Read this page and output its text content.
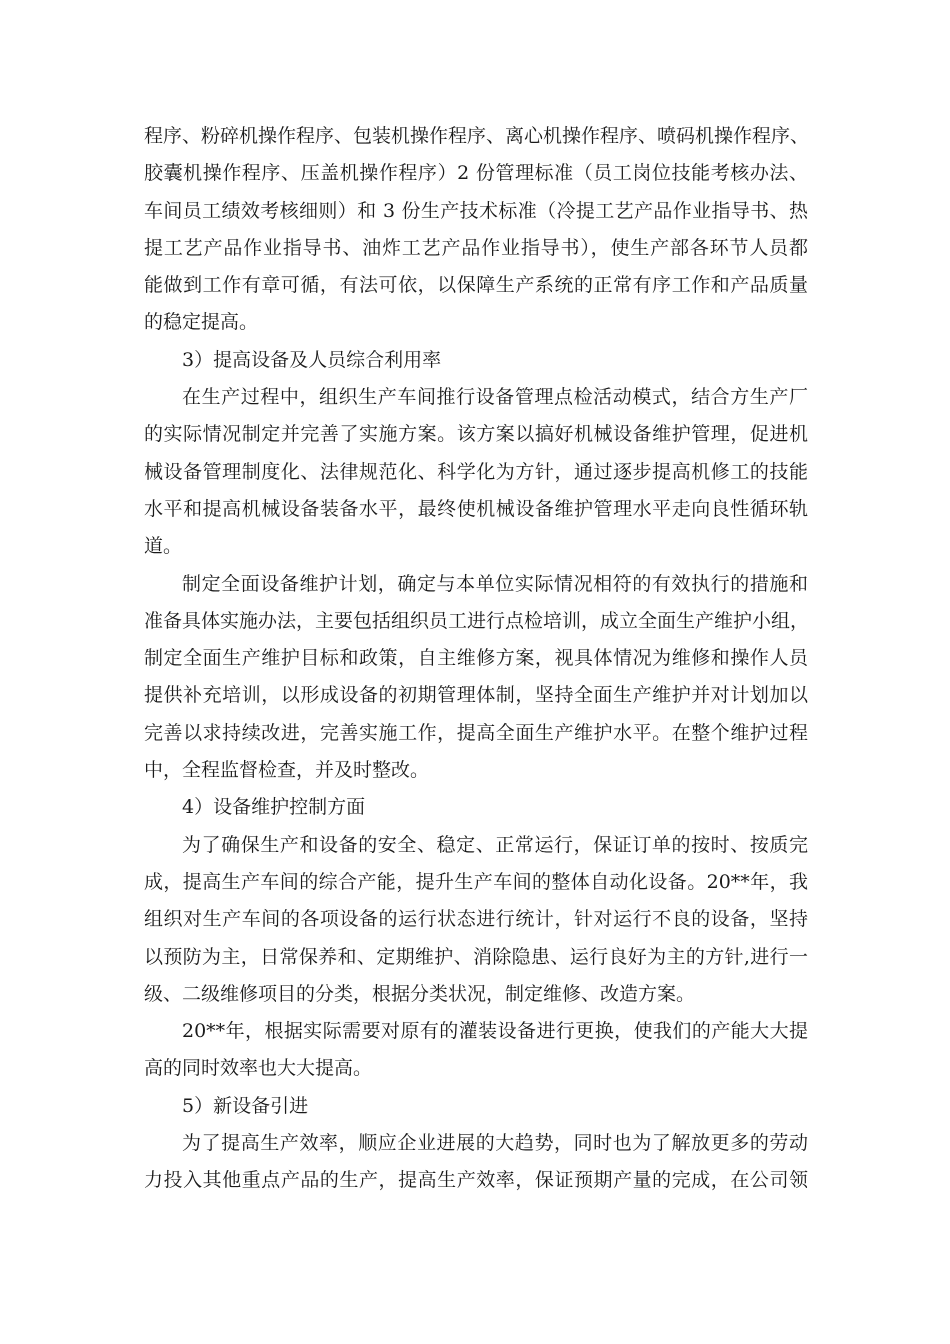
程序、粉碎机操作程序、包装机操作程序、离心机操作程序、喷码机操作程序、
胶囊机操作程序、压盖机操作程序）2 份管理标准（员工岗位技能考核办法、
车间员工绩效考核细则）和 3 份生产技术标准（冷提工艺产品作业指导书、热
提工艺产品作业指导书、油炸工艺产品作业指导书），使生产部各环节人员都
能做到工作有章可循，有法可依，以保障生产系统的正常有序工作和产品质量
的稳定提高。
3）提高设备及人员综合利用率
在生产过程中，组织生产车间推行设备管理点检活动模式，结合方生产厂
的实际情况制定并完善了实施方案。该方案以搞好机械设备维护管理，促进机
械设备管理制度化、法律规范化、科学化为方针，通过逐步提高机修工的技能
水平和提高机械设备装备水平，最终使机械设备维护管理水平走向良性循环轨
道。
制定全面设备维护计划，确定与本单位实际情况相符的有效执行的措施和
准备具体实施办法，主要包括组织员工进行点检培训，成立全面生产维护小组，
制定全面生产维护目标和政策，自主维修方案，视具体情况为维修和操作人员
提供补充培训，以形成设备的初期管理体制，坚持全面生产维护并对计划加以
完善以求持续改进，完善实施工作，提高全面生产维护水平。在整个维护过程
中，全程监督检查，并及时整改。
4）设备维护控制方面
为了确保生产和设备的安全、稳定、正常运行，保证订单的按时、按质完
成，提高生产车间的综合产能，提升生产车间的整体自动化设备。20**年，我
组织对生产车间的各项设备的运行状态进行统计，针对运行不良的设备，坚持
以预防为主，日常保养和、定期维护、消除隐患、运行良好为主的方针,进行一
级、二级维修项目的分类，根据分类状况，制定维修、改造方案。
20**年，根据实际需要对原有的灌装设备进行更换，使我们的产能大大提
高的同时效率也大大提高。
5）新设备引进
为了提高生产效率，顺应企业进展的大趋势，同时也为了解放更多的劳动
力投入其他重点产品的生产，提高生产效率，保证预期产量的完成，在公司领
